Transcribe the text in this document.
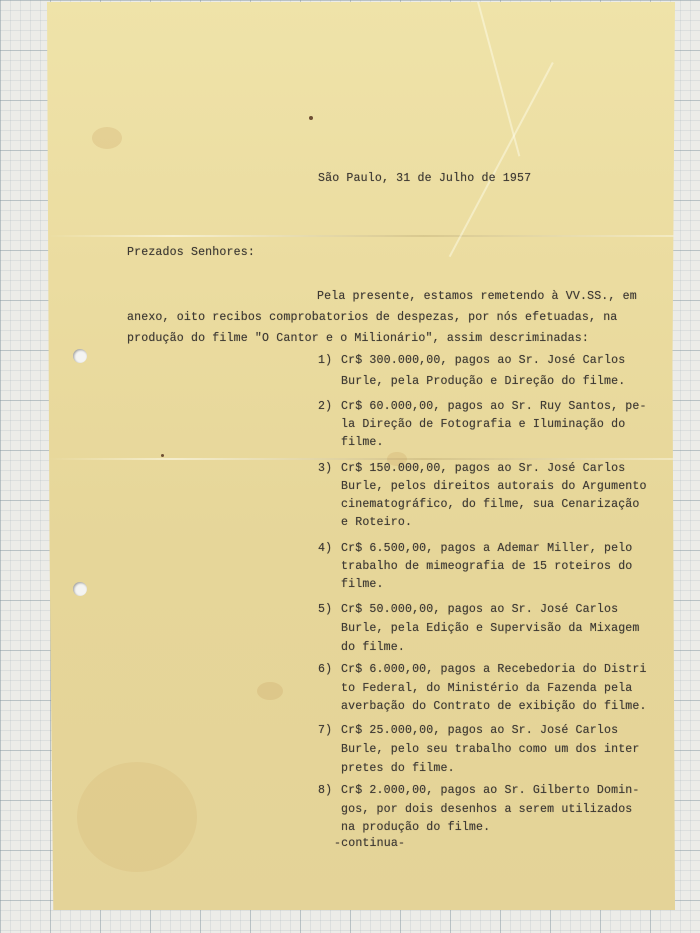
São Paulo, 31 de Julho de 1957
Prezados Senhores:
Pela presente, estamos remetendo à VV.SS., em
anexo, oito recibos comprobatorios de despezas, por nós efetuadas, na
produção do filme "O Cantor e o Milionário", assim descriminadas:
1) Cr$ 300.000,00, pagos ao Sr. José Carlos
Burle, pela Produção e Direção do filme.
2) Cr$ 60.000,00, pagos ao Sr. Ruy Santos, pe-
la Direção de Fotografia e Iluminação do
filme.
3) Cr$ 150.000,00, pagos ao Sr. José Carlos
Burle, pelos direitos autorais do Argumento
cinematográfico, do filme, sua Cenarização
e Roteiro.
4) Cr$ 6.500,00, pagos a Ademar Miller, pelo
trabalho de mimeografia de 15 roteiros do
filme.
5) Cr$ 50.000,00, pagos ao Sr. José Carlos
Burle, pela Edição e Supervisão da Mixagem
do filme.
6) Cr$ 6.000,00, pagos a Recebedoria do Distri
to Federal, do Ministério da Fazenda pela
averbação do Contrato de exibição do filme.
7) Cr$ 25.000,00, pagos ao Sr. José Carlos
Burle, pelo seu trabalho como um dos inter
pretes do filme.
8) Cr$ 2.000,00, pagos ao Sr. Gilberto Domin-
gos, por dois desenhos a serem utilizados
na produção do filme.
-continua-
